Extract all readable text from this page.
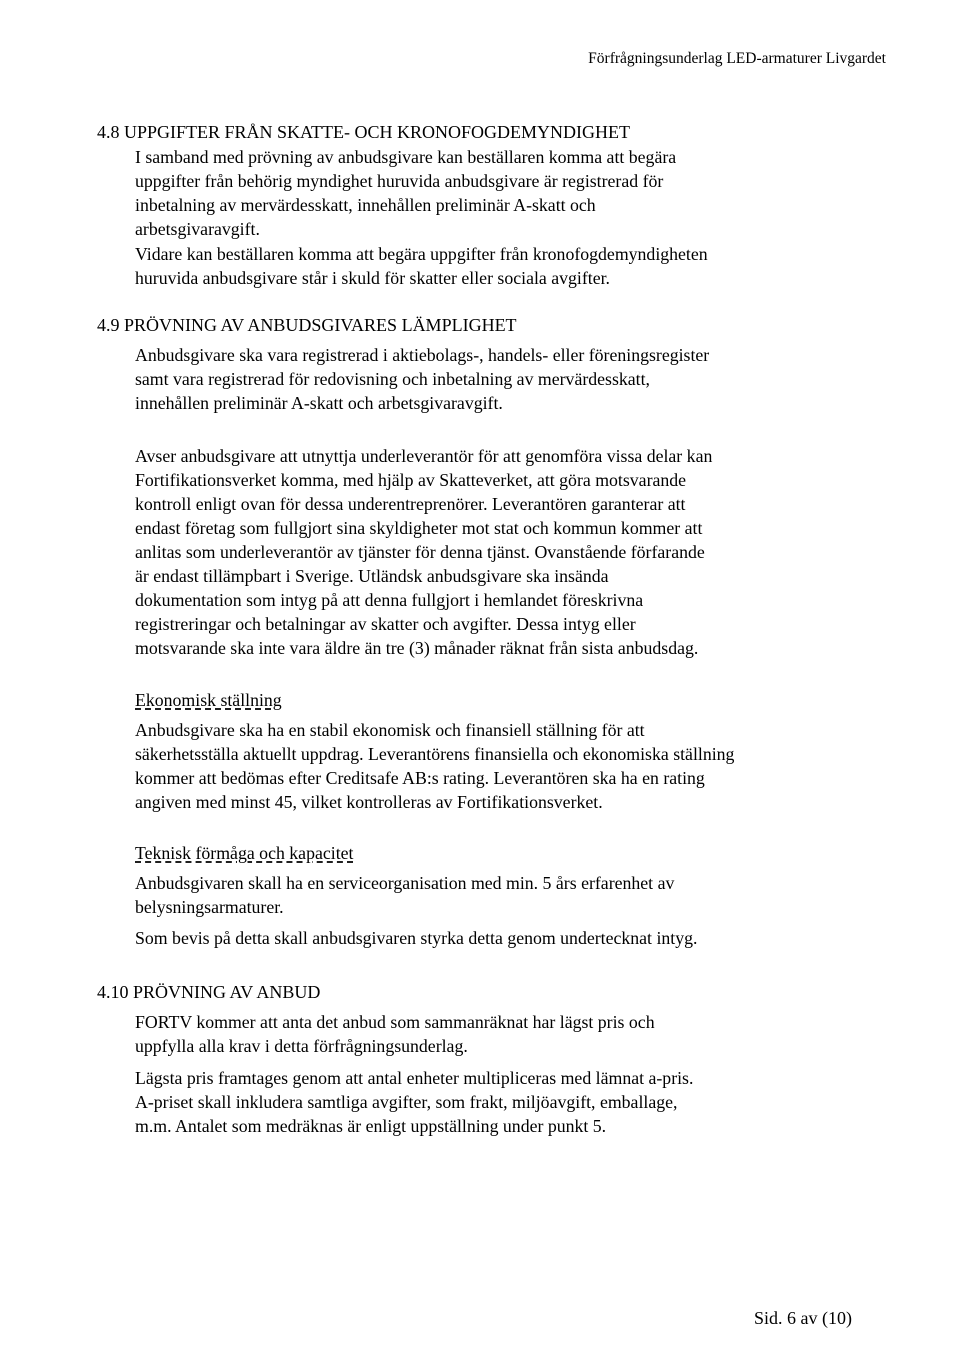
Förfrågningsunderlag LED-armaturer Livgardet
4.8 UPPGIFTER FRÅN SKATTE- OCH KRONOFOGDEMYNDIGHET
I samband med prövning av anbudsgivare kan beställaren komma att begära
uppgifter från behörig myndighet huruvida anbudsgivare är registrerad för
inbetalning av mervärdesskatt, innehållen preliminär A-skatt och
arbetsgivaravgift.
Vidare kan beställaren komma att begära uppgifter från kronofogdemyndigheten
huruvida anbudsgivare står i skuld för skatter eller sociala avgifter.
4.9 PRÖVNING AV ANBUDSGIVARES LÄMPLIGHET
Anbudsgivare ska vara registrerad i aktiebolags-, handels- eller föreningsregister
samt vara registrerad för redovisning och inbetalning av mervärdesskatt,
innehållen preliminär A-skatt och arbetsgivaravgift.
Avser anbudsgivare att utnyttja underleverantör för att genomföra vissa delar kan
Fortifikationsverket komma, med hjälp av Skatteverket, att göra motsvarande
kontroll enligt ovan för dessa underentreprenörer. Leverantören garanterar att
endast företag som fullgjort sina skyldigheter mot stat och kommun kommer att
anlitas som underleverantör av tjänster för denna tjänst. Ovanstående förfarande
är endast tillämpbart i Sverige. Utländsk anbudsgivare ska insända
dokumentation som intyg på att denna fullgjort i hemlandet föreskrivna
registreringar och betalningar av skatter och avgifter. Dessa intyg eller
motsvarande ska inte vara äldre än tre (3) månader räknat från sista anbudsdag.
Ekonomisk ställning
Anbudsgivare ska ha en stabil ekonomisk och finansiell ställning för att
säkerhetsställa aktuellt uppdrag. Leverantörens finansiella och ekonomiska ställning
kommer att bedömas efter Creditsafe AB:s rating. Leverantören ska ha en rating
angiven med minst 45, vilket kontrolleras av Fortifikationsverket.
Teknisk förmåga och kapacitet
Anbudsgivaren skall ha en serviceorganisation med min. 5 års erfarenhet av
belysningsarmaturer.
Som bevis på detta skall anbudsgivaren styrka detta genom undertecknat intyg.
4.10 PRÖVNING AV ANBUD
FORTV kommer att anta det anbud som sammanräknat har lägst pris och
uppfylla alla krav i detta förfrågningsunderlag.
Lägsta pris framtages genom att antal enheter multipliceras med lämnat a-pris.
A-priset skall inkludera samtliga avgifter, som frakt, miljöavgift, emballage,
m.m. Antalet som medräknas är enligt uppställning under punkt 5.
Sid. 6 av (10)
